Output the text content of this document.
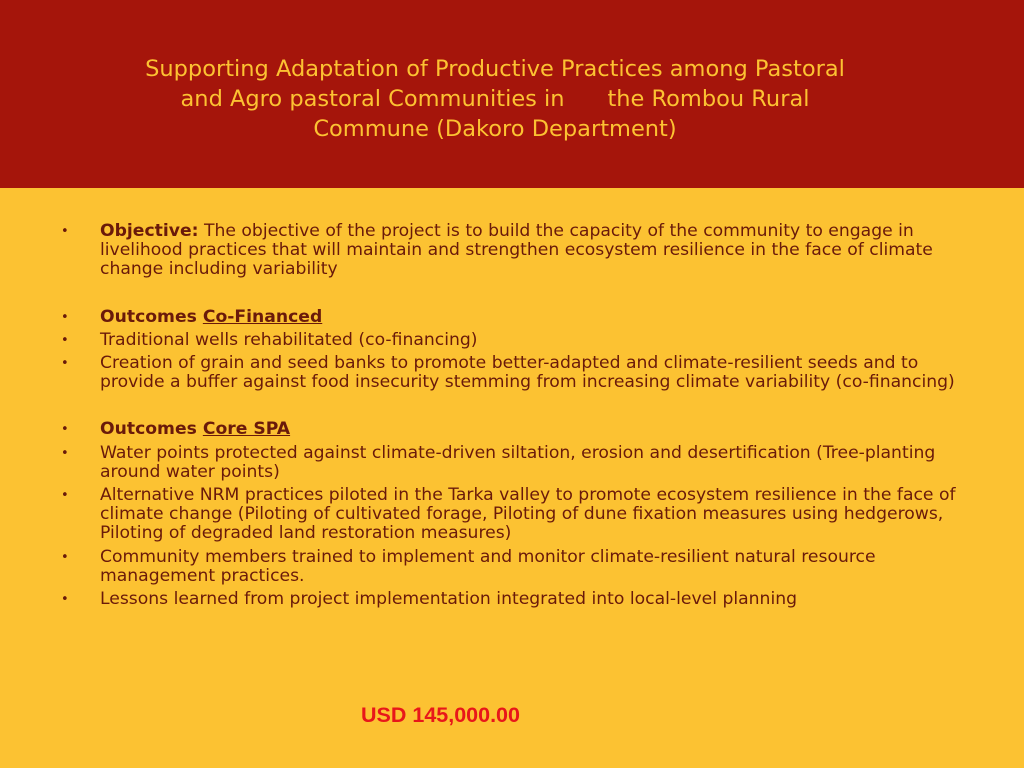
Supporting Adaptation of Productive Practices among Pastoral
and Agro pastoral Communities in      the Rombou Rural
Commune (Dakoro Department)
• Objective: The objective of the project is to build the capacity of the community to engage in livelihood practices that will maintain and strengthen ecosystem resilience in the face of climate change including variability
• Outcomes Co-Financed
• Traditional wells rehabilitated (co-financing)
• Creation of grain and seed banks to promote better-adapted and climate-resilient seeds and to provide a buffer against food insecurity stemming from increasing climate variability (co-financing)
• Outcomes Core SPA
• Water points protected against climate-driven siltation, erosion and desertification (Tree-planting around water points)
• Alternative NRM practices piloted in the Tarka valley to promote ecosystem resilience in the face of climate change (Piloting of cultivated forage, Piloting of dune fixation measures using hedgerows, Piloting of degraded land restoration measures)
• Community members trained to implement and monitor climate-resilient natural resource management practices.
• Lessons learned from project implementation integrated into local-level planning

USD 145,000.00
